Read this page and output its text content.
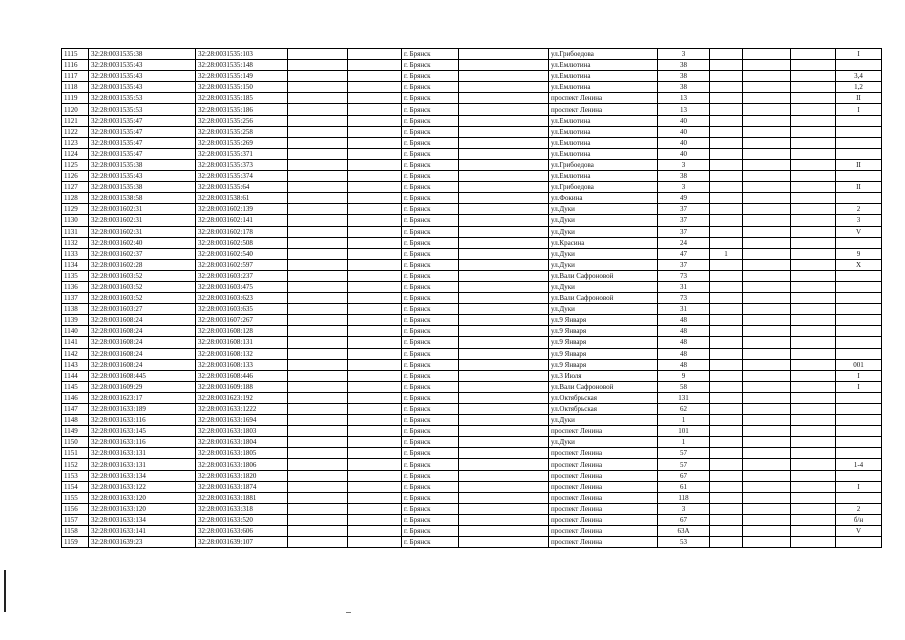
1115	32:28:0031535:38	32:28:0031535:103			г. Брянск		ул.Грибоедова	3				I
1116	32:28:0031535:43	32:28:0031535:148			г. Брянск		ул.Емлютина	38				
1117	32:28:0031535:43	32:28:0031535:149			г. Брянск		ул.Емлютина	38				3,4
1118	32:28:0031535:43	32:28:0031535:150			г. Брянск		ул.Емлютина	38				1,2
1119	32:28:0031535:53	32:28:0031535:185			г. Брянск		проспект Ленина	13				II
1120	32:28:0031535:53	32:28:0031535:186			г. Брянск		проспект Ленина	13				I
1121	32:28:0031535:47	32:28:0031535:256			г. Брянск		ул.Емлютина	40				
1122	32:28:0031535:47	32:28:0031535:258			г. Брянск		ул.Емлютина	40				
1123	32:28:0031535:47	32:28:0031535:269			г. Брянск		ул.Емлютина	40				
1124	32:28:0031535:47	32:28:0031535:371			г. Брянск		ул.Емлютина	40				
1125	32:28:0031535:38	32:28:0031535:373			г. Брянск		ул.Грибоедова	3				II
1126	32:28:0031535:43	32:28:0031535:374			г. Брянск		ул.Емлютина	38				
1127	32:28:0031535:38	32:28:0031535:64			г. Брянск		ул.Грибоедова	3				II
1128	32:28:0031538:58	32:28:0031538:61			г. Брянск		ул.Фокина	49				
1129	32:28:0031602:31	32:28:0031602:139			г. Брянск		ул.Дуки	37				2
1130	32:28:0031602:31	32:28:0031602:141			г. Брянск		ул.Дуки	37				3
1131	32:28:0031602:31	32:28:0031602:178			г. Брянск		ул.Дуки	37				V
1132	32:28:0031602:40	32:28:0031602:508			г. Брянск		ул.Красина	24				
1133	32:28:0031602:37	32:28:0031602:540			г. Брянск		ул.Дуки	47	1			9
1134	32:28:0031602:28	32:28:0031602:597			г. Брянск		ул.Дуки	37				X
1135	32:28:0031603:52	32:28:0031603:237			г. Брянск		ул.Вали Сафроновой	73				
1136	32:28:0031603:52	32:28:0031603:475			г. Брянск		ул.Дуки	31				
1137	32:28:0031603:52	32:28:0031603:623			г. Брянск		ул.Вали Сафроновой	73				
1138	32:28:0031603:27	32:28:0031603:635			г. Брянск		ул.Дуки	31				
1139	32:28:0031608:24	32:28:0031607:267			г. Брянск		ул.9 Января	48				
1140	32:28:0031608:24	32:28:0031608:128			г. Брянск		ул.9 Января	48				
1141	32:28:0031608:24	32:28:0031608:131			г. Брянск		ул.9 Января	48				
1142	32:28:0031608:24	32:28:0031608:132			г. Брянск		ул.9 Января	48				
1143	32:28:0031608:24	32:28:0031608:133			г. Брянск		ул.9 Января	48				001
1144	32:28:0031608:445	32:28:0031608:446			г. Брянск		ул.3 Июля	9				I
1145	32:28:0031609:29	32:28:0031609:188			г. Брянск		ул.Вали Сафроновой	58				I
1146	32:28:0031623:17	32:28:0031623:192			г. Брянск		ул.Октябрьская	131				
1147	32:28:0031633:189	32:28:0031633:1222			г. Брянск		ул.Октябрьская	62				
1148	32:28:0031633:116	32:28:0031633:1694			г. Брянск		ул.Дуки	1				
1149	32:28:0031633:145	32:28:0031633:1803			г. Брянск		проспект Ленина	101				
1150	32:28:0031633:116	32:28:0031633:1804			г. Брянск		ул.Дуки	1				
1151	32:28:0031633:131	32:28:0031633:1805			г. Брянск		проспект Ленина	57				
1152	32:28:0031633:131	32:28:0031633:1806			г. Брянск		проспект Ленина	57				1-4
1153	32:28:0031633:134	32:28:0031633:1820			г. Брянск		проспект Ленина	67				
1154	32:28:0031633:122	32:28:0031633:1874			г. Брянск		проспект Ленина	61				I
1155	32:28:0031633:120	32:28:0031633:1881			г. Брянск		проспект Ленина	118				
1156	32:28:0031633:120	32:28:0031633:318			г. Брянск		проспект Ленина	3				2
1157	32:28:0031633:134	32:28:0031633:520			г. Брянск		проспект Ленина	67				б/н
1158	32:28:0031633:141	32:28:0031633:606			г. Брянск		проспект Ленина	63А				V
1159	32:28:0031639:23	32:28:0031639:107			г. Брянск		проспект Ленина	53				
